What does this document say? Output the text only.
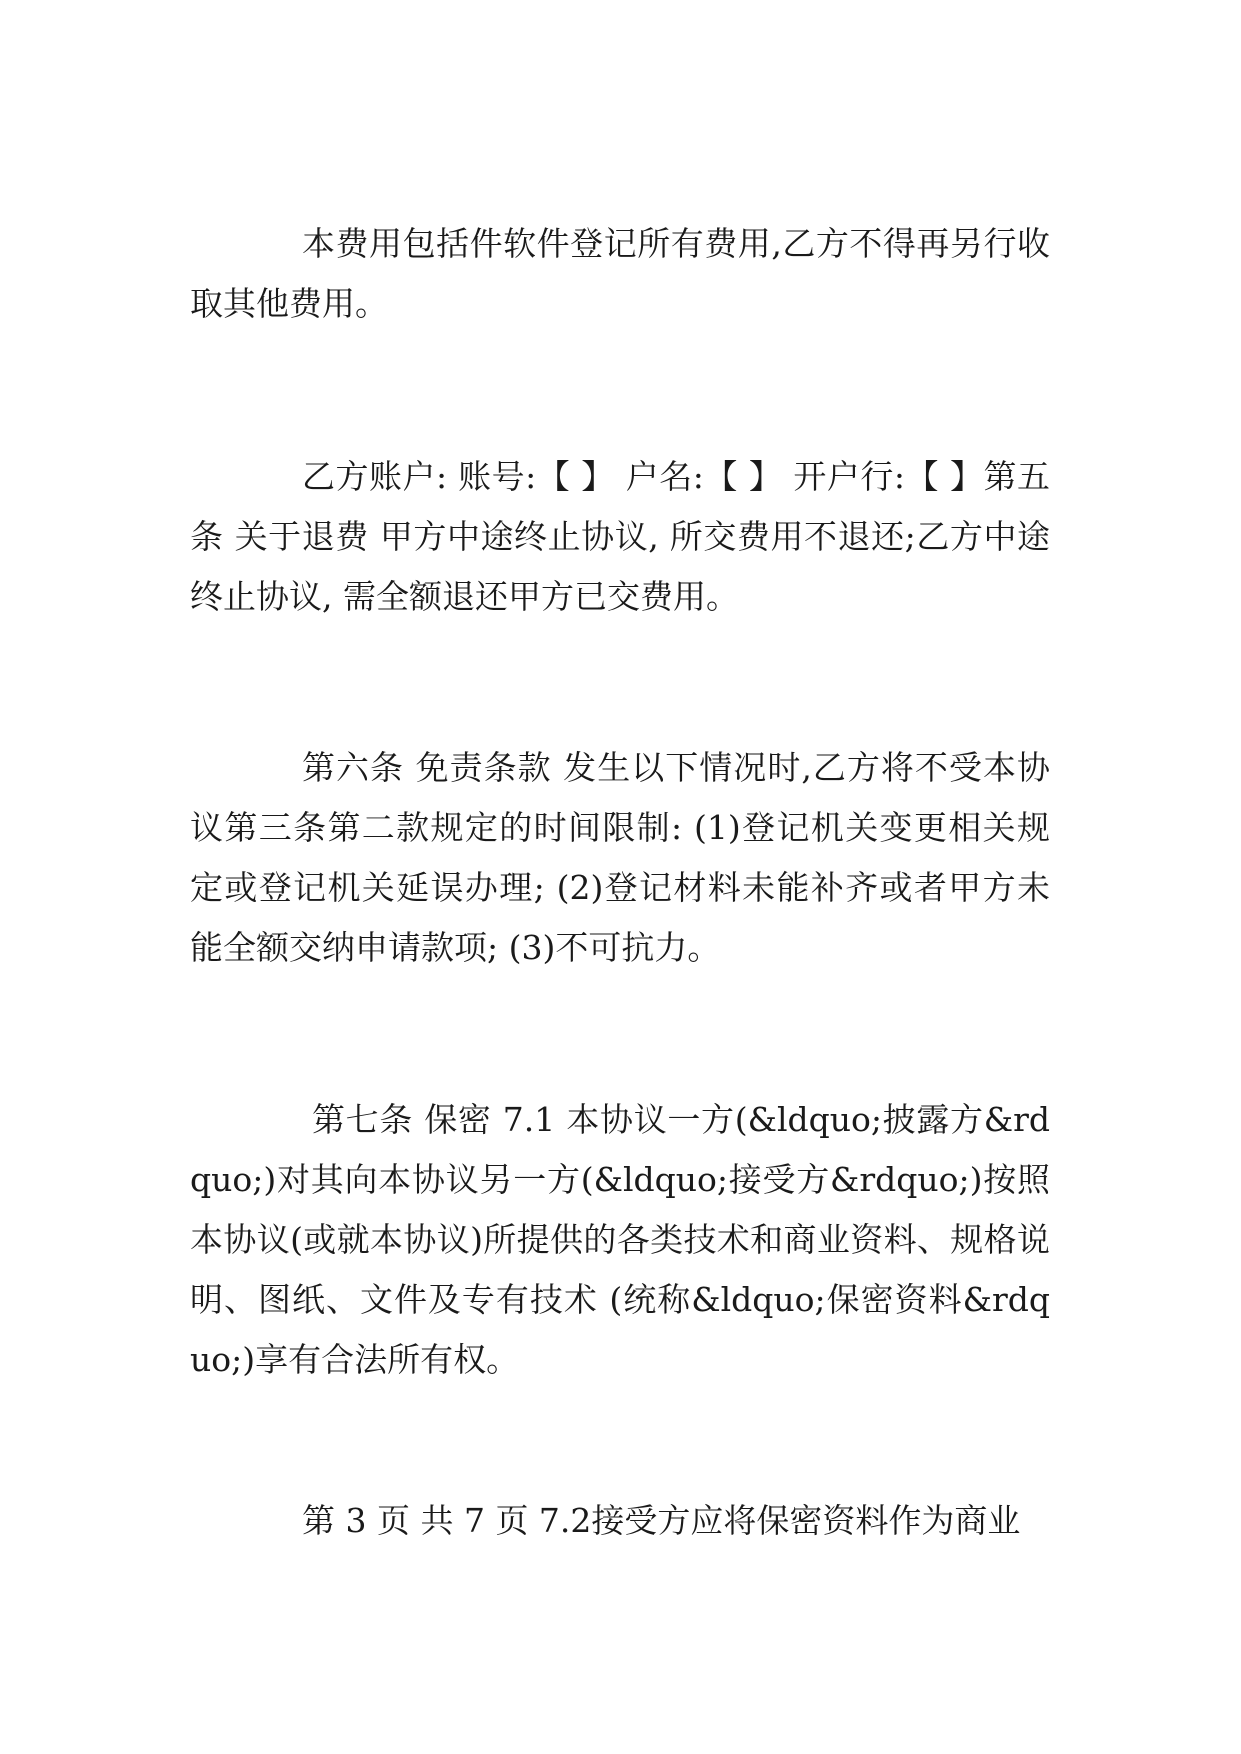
本费用包括件软件登记所有费用,乙方不得再另行收取其他费用。

乙方账户: 账号:【 】 户名:【 】 开户行:【 】第五条 关于退费 甲方中途终止协议, 所交费用不退还;乙方中途终止协议, 需全额退还甲方已交费用。

第六条 免责条款 发生以下情况时,乙方将不受本协议第三条第二款规定的时间限制: (1)登记机关变更相关规定或登记机关延误办理; (2)登记材料未能补齐或者甲方未能全额交纳申请款项; (3)不可抗力。

第七条 保密 7.1 本协议一方(&ldquo;披露方&rdquo;)对其向本协议另一方(&ldquo;接受方&rdquo;)按照本协议(或就本协议)所提供的各类技术和商业资料、规格说明、图纸、文件及专有技术 (统称&ldquo;保密资料&rdquo;)享有合法所有权。

第 3 页 共 7 页 7.2接受方应将保密资料作为商业
